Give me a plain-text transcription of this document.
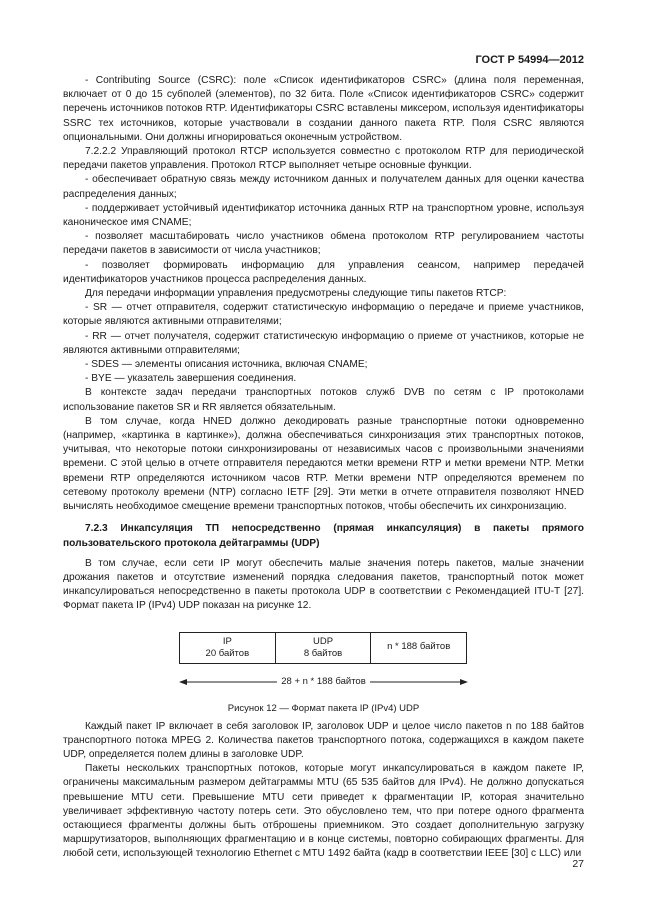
ГОСТ Р 54994—2012

- Contributing Source (CSRC): поле «Список идентификаторов CSRC» (длина поля переменная, включает от 0 до 15 субполей (элементов), по 32 бита. Поле «Список идентификаторов CSRC» содержит перечень источников потоков RTP. Идентификаторы CSRC вставлены миксером, используя идентификаторы SSRC тех источников, которые участвовали в создании данного пакета RTP. Поля CSRC являются опциональными. Они должны игнорироваться оконечным устройством.

7.2.2.2 Управляющий протокол RTCP используется совместно с протоколом RTP для периодической передачи пакетов управления. Протокол RTCP выполняет четыре основные функции.

- обеспечивает обратную связь между источником данных и получателем данных для оценки качества распределения данных;

- поддерживает устойчивый идентификатор источника данных RTP на транспортном уровне, используя каноническое имя CNAME;

- позволяет масштабировать число участников обмена протоколом RTP регулированием частоты передачи пакетов в зависимости от числа участников;

- позволяет формировать информацию для управления сеансом, например передачей идентификаторов участников процесса распределения данных.

Для передачи информации управления предусмотрены следующие типы пакетов RTCP:

- SR — отчет отправителя, содержит статистическую информацию о передаче и приеме участников, которые являются активными отправителями;

- RR — отчет получателя, содержит статистическую информацию о приеме от участников, которые не являются активными отправителями;

- SDES — элементы описания источника, включая CNAME;

- BYE — указатель завершения соединения.

В контексте задач передачи транспортных потоков служб DVB по сетям с IP протоколами использование пакетов SR и RR является обязательным.

В том случае, когда HNED должно декодировать разные транспортные потоки одновременно (например, «картинка в картинке»), должна обеспечиваться синхронизация этих транспортных потоков, учитывая, что некоторые потоки синхронизированы от независимых часов с произвольными значениями времени. С этой целью в отчете отправителя передаются метки времени RTP и метки времени NTP. Метки времени RTP определяются источником часов RTP. Метки времени NTP определяются временем по сетевому протоколу времени (NTP) согласно IETF [29]. Эти метки в отчете отправителя позволяют HNED вычислять необходимое смещение времени транспортных потоков, чтобы обеспечить их синхронизацию.

7.2.3 Инкапсуляция ТП непосредственно (прямая инкапсуляция) в пакеты прямого пользовательского протокола дейтаграммы (UDP)

В том случае, если сети IP могут обеспечить малые значения потерь пакетов, малые значении дрожания пакетов и отсутствие изменений порядка следования пакетов, транспортный поток может инкапсулироваться непосредственно в пакеты протокола UDP в соответствии с Рекомендацией ITU-T [27]. Формат пакета IP (IPv4) UDP показан на рисунке 12.

IP
20 байтов
UDP
8 байтов
n * 188 байтов
28 + n * 188 байтов
Рисунок 12 — Формат пакета IP (IPv4) UDP

Каждый пакет IP включает в себя заголовок IP, заголовок UDP и целое число пакетов n по 188 байтов транспортного потока MPEG 2. Количества пакетов транспортного потока, содержащихся в каждом пакете UDP, определяется полем длины в заголовке UDP.

Пакеты нескольких транспортных потоков, которые могут инкапсулироваться в каждом пакете IP, ограничены максимальным размером дейтаграммы MTU (65 535 байтов для IPv4). Не должно допускаться превышение MTU сети. Превышение MTU сети приведет к фрагментации IP, которая значительно увеличивает эффективную частоту потерь сети. Это обусловлено тем, что при потере одного фрагмента остающиеся фрагменты должны быть отброшены приемником. Это создает дополнительную загрузку маршрутизаторов, выполняющих фрагментацию и в конце системы, повторно собирающих фрагменты. Для любой сети, использующей технологию Ethernet с MTU 1492 байта (кадр в соответствии IEEE [30] с LLC) или

27
